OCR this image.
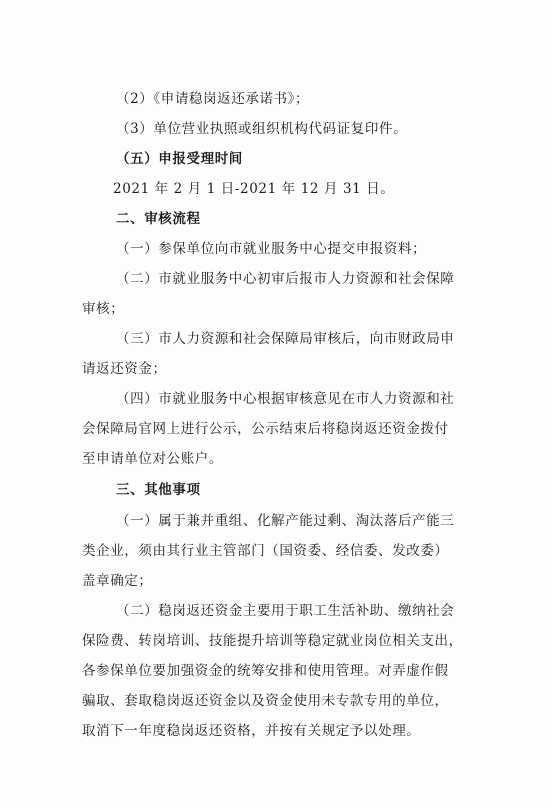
（2）《申请稳岗返还承诺书》；
（3）单位营业执照或组织机构代码证复印件。
（五）申报受理时间
2021 年 2 月 1 日-2021 年 12 月 31 日。
二、审核流程
（一）参保单位向市就业服务中心提交申报资料；
（二）市就业服务中心初审后报市人力资源和社会保障
审核；
（三）市人力资源和社会保障局审核后，向市财政局申
请返还资金；
（四）市就业服务中心根据审核意见在市人力资源和社
会保障局官网上进行公示，公示结束后将稳岗返还资金拨付
至申请单位对公账户。
三、其他事项
（一）属于兼并重组、化解产能过剩、淘汰落后产能三
类企业，须由其行业主管部门（国资委、经信委、发改委）
盖章确定；
（二）稳岗返还资金主要用于职工生活补助、缴纳社会
保险费、转岗培训、技能提升培训等稳定就业岗位相关支出，
各参保单位要加强资金的统筹安排和使用管理。对弄虚作假
骗取、套取稳岗返还资金以及资金使用未专款专用的单位，
取消下一年度稳岗返还资格，并按有关规定予以处理。
